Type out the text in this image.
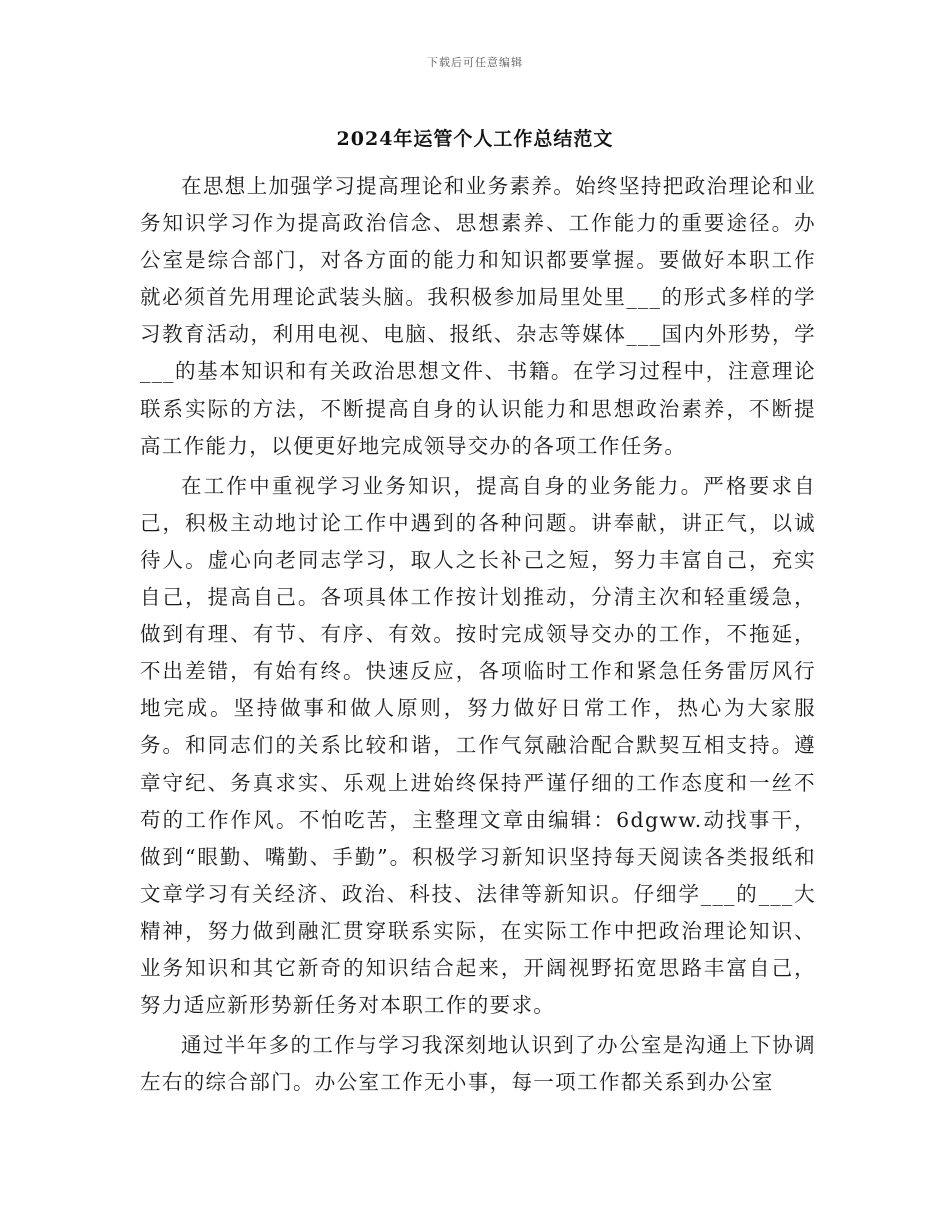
下载后可任意编辑
2024年运管个人工作总结范文

在思想上加强学习提高理论和业务素养。始终坚持把政治理论和业务知识学习作为提高政治信念、思想素养、工作能力的重要途径。办公室是综合部门，对各方面的能力和知识都要掌握。要做好本职工作就必须首先用理论武装头脑。我积极参加局里处里___的形式多样的学习教育活动，利用电视、电脑、报纸、杂志等媒体___国内外形势，学___的基本知识和有关政治思想文件、书籍。在学习过程中，注意理论联系实际的方法，不断提高自身的认识能力和思想政治素养，不断提高工作能力，以便更好地完成领导交办的各项工作任务。

在工作中重视学习业务知识，提高自身的业务能力。严格要求自己，积极主动地讨论工作中遇到的各种问题。讲奉献，讲正气，以诚待人。虚心向老同志学习，取人之长补己之短，努力丰富自己，充实自己，提高自己。各项具体工作按计划推动，分清主次和轻重缓急，做到有理、有节、有序、有效。按时完成领导交办的工作，不拖延，不出差错，有始有终。快速反应，各项临时工作和紧急任务雷厉风行地完成。坚持做事和做人原则，努力做好日常工作，热心为大家服务。和同志们的关系比较和谐，工作气氛融洽配合默契互相支持。遵章守纪、务真求实、乐观上进始终保持严谨仔细的工作态度和一丝不苟的工作作风。不怕吃苦，主整理文章由编辑：6dgww.动找事干，做到“眼勤、嘴勤、手勤”。积极学习新知识坚持每天阅读各类报纸和文章学习有关经济、政治、科技、法律等新知识。仔细学___的___大精神，努力做到融汇贯穿联系实际，在实际工作中把政治理论知识、业务知识和其它新奇的知识结合起来，开阔视野拓宽思路丰富自己，努力适应新形势新任务对本职工作的要求。

通过半年多的工作与学习我深刻地认识到了办公室是沟通上下协调左右的综合部门。办公室工作无小事，每一项工作都关系到办公室
